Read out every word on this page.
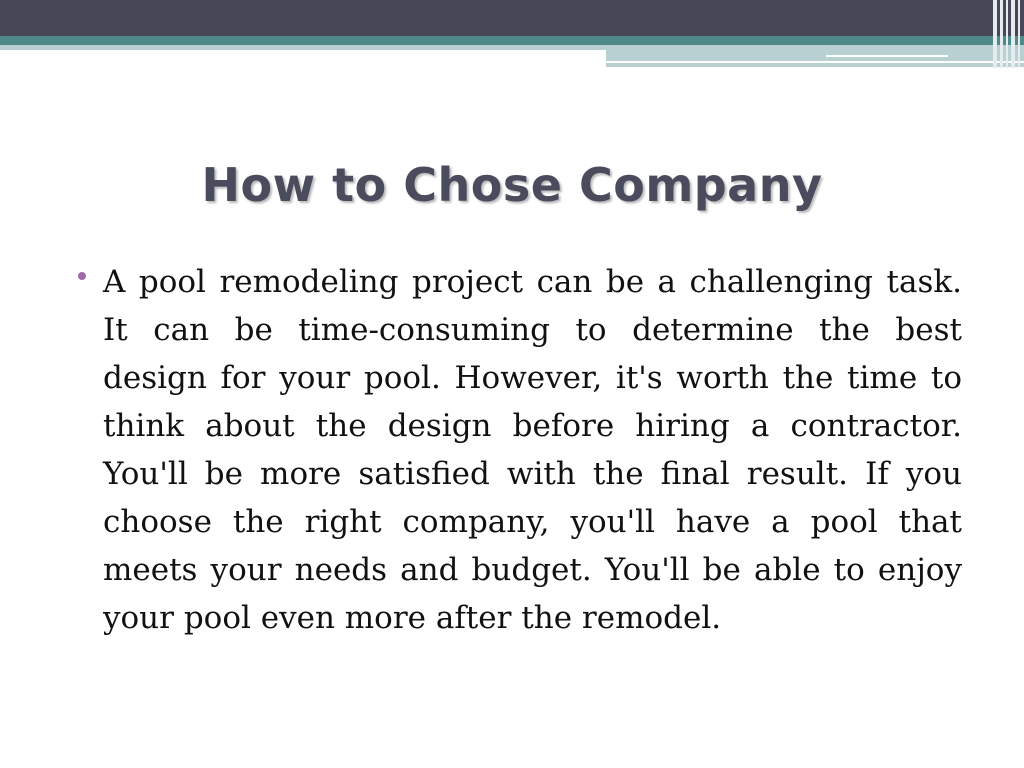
How to Chose Company

A pool remodeling project can be a challenging task. It can be time-consuming to determine the best design for your pool. However, it's worth the time to think about the design before hiring a contractor. You'll be more satisfied with the final result. If you choose the right company, you'll have a pool that meets your needs and budget. You'll be able to enjoy your pool even more after the remodel.
